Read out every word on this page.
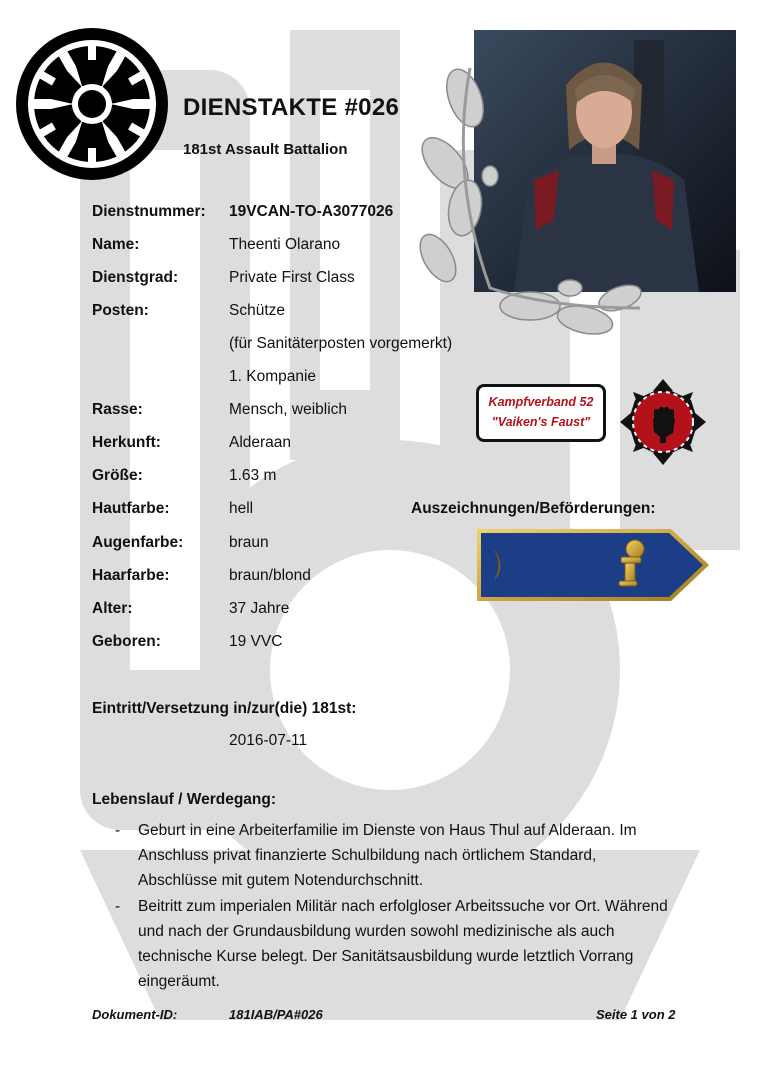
DIENSTAKTE #026
181st Assault Battalion
Dienstnummer:	19VCAN-TO-A3077026
Name:	Theenti Olarano
Dienstgrad:	Private First Class
Posten:	Schütze
(für Sanitäterposten vorgemerkt)
1. Kompanie
Rasse:	Mensch, weiblich
Herkunft:	Alderaan
Größe:	1.63 m
Hautfarbe:	hell
Augenfarbe:	braun
Haarfarbe:	braun/blond
Alter:	37 Jahre
Geboren:	19 VVC
Kampfverband 52
"Vaiken's Faust"
Auszeichnungen/Beförderungen:
Eintritt/Versetzung in/zur(die) 181st:
2016-07-11
Lebenslauf / Werdegang:
- Geburt in eine Arbeiterfamilie im Dienste von Haus Thul auf Alderaan. Im Anschluss privat finanzierte Schulbildung nach örtlichem Standard, Abschlüsse mit gutem Notendurchschnitt.
- Beitritt zum imperialen Militär nach erfolgloser Arbeitssuche vor Ort. Während und nach der Grundausbildung wurden sowohl medizinische als auch technische Kurse belegt. Der Sanitätsausbildung wurde letztlich Vorrang eingeräumt.
Dokument-ID:	181IAB/PA#026	Seite 1 von 2
